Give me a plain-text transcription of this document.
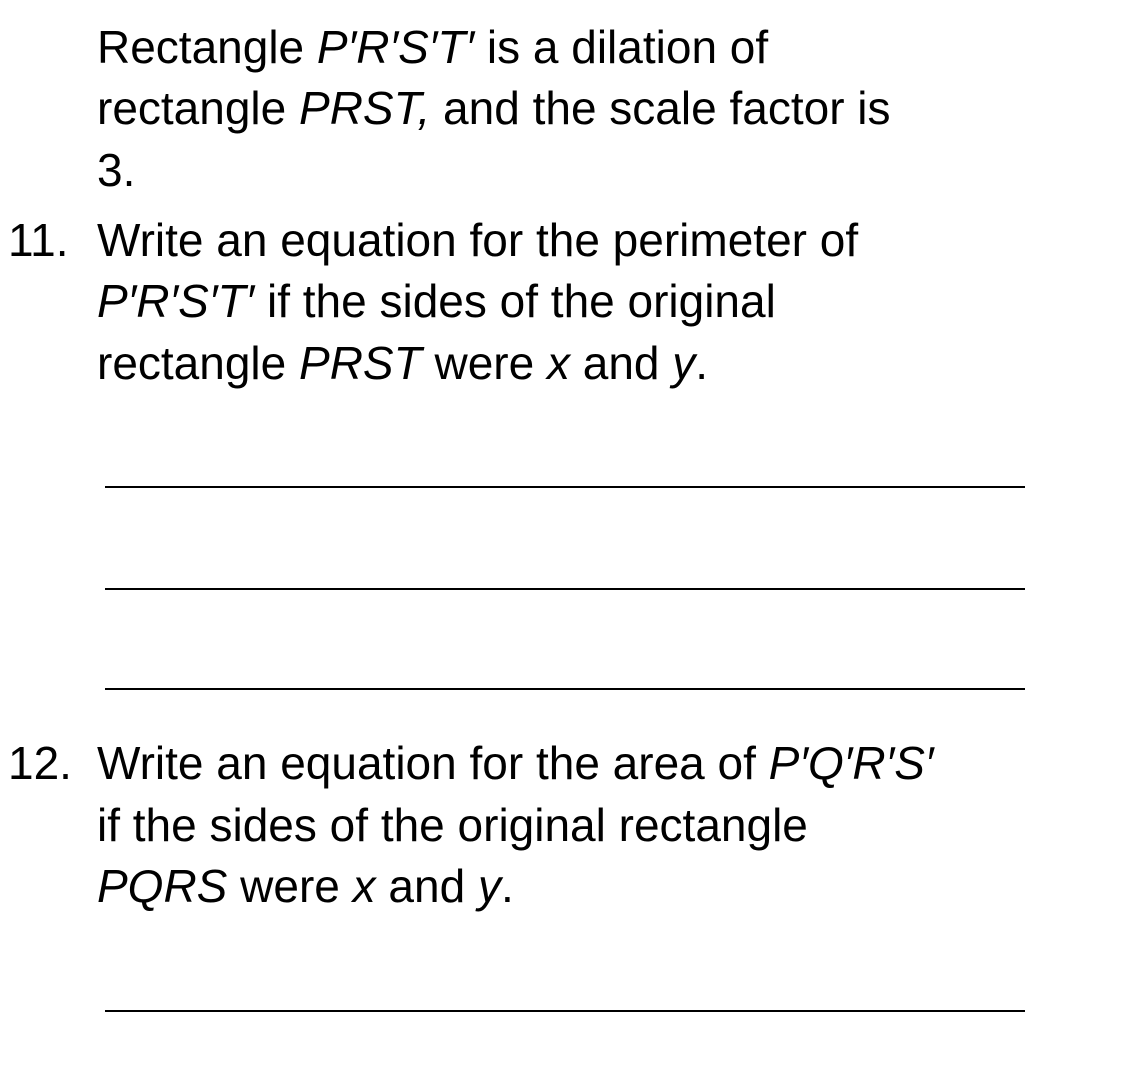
Rectangle P′R′S′T′ is a dilation of
rectangle PRST, and the scale factor is
3.
11. Write an equation for the perimeter of
P′R′S′T′ if the sides of the original
rectangle PRST were x and y.
12. Write an equation for the area of P′Q′R′S′
if the sides of the original rectangle
PQRS were x and y.
